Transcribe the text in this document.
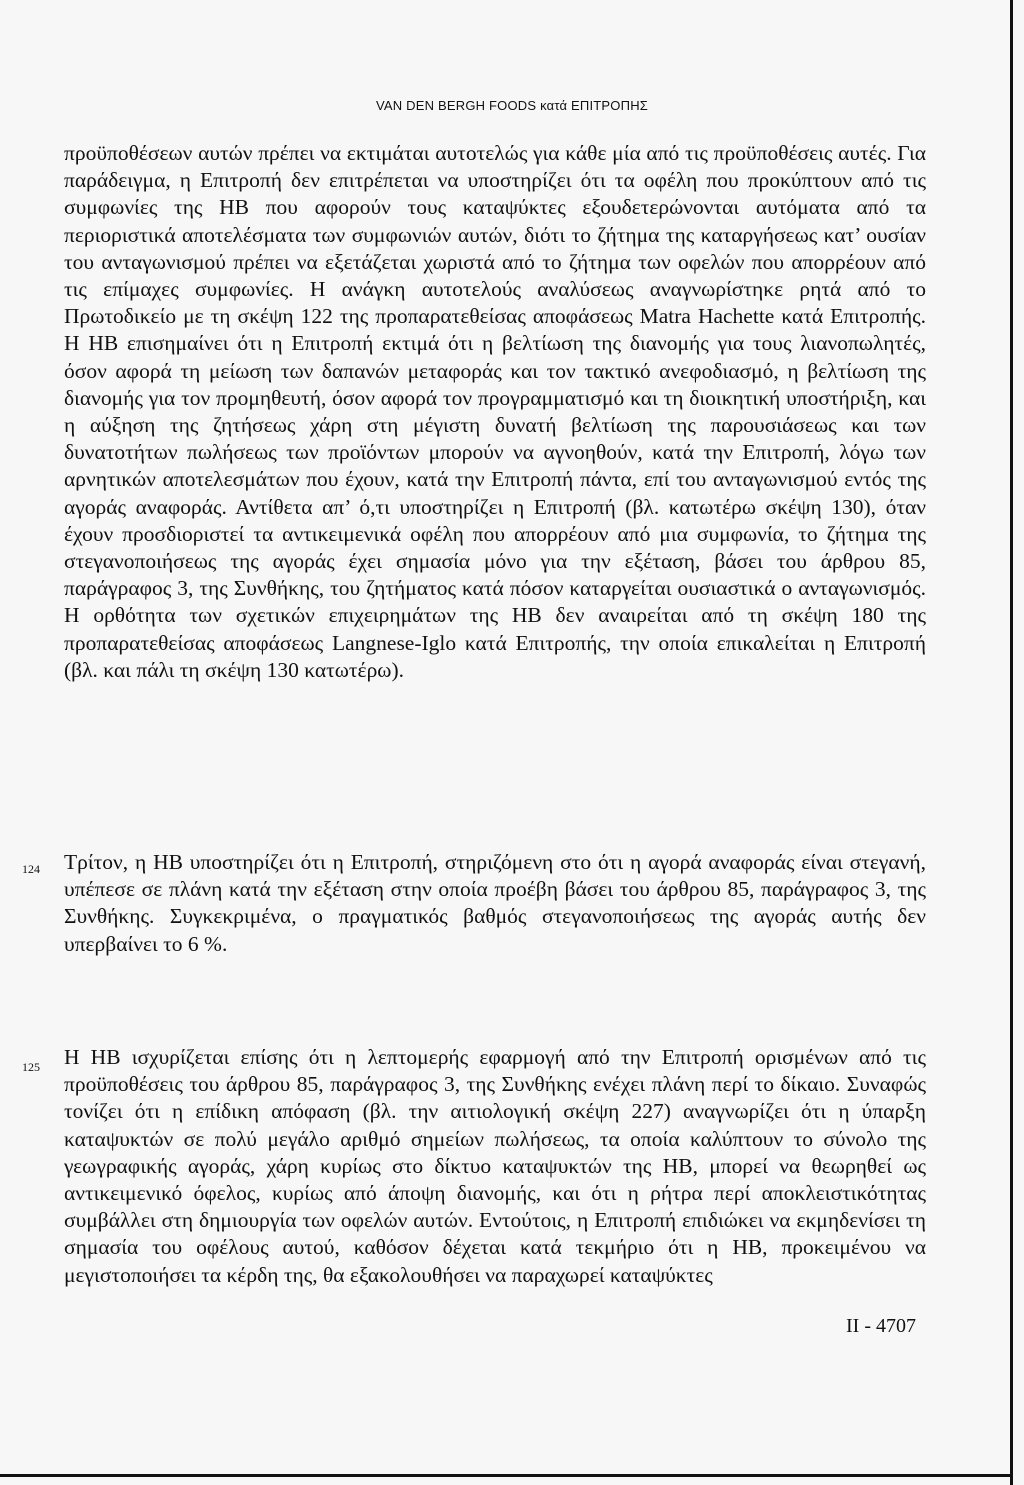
VAN DEN BERGH FOODS κατά ΕΠΙΤΡΟΠΗΣ
προϋποθέσεων αυτών πρέπει να εκτιμάται αυτοτελώς για κάθε μία από τις προϋποθέσεις αυτές. Για παράδειγμα, η Επιτροπή δεν επιτρέπεται να υποστηρίζει ότι τα οφέλη που προκύπτουν από τις συμφωνίες της ΗΒ που αφορούν τους καταψύκτες εξουδετερώνονται αυτόματα από τα περιοριστικά αποτελέσματα των συμφωνιών αυτών, διότι το ζήτημα της καταργήσεως κατ’ ουσίαν του ανταγωνισμού πρέπει να εξετάζεται χωριστά από το ζήτημα των οφελών που απορρέουν από τις επίμαχες συμφωνίες. Η ανάγκη αυτοτελούς αναλύσεως αναγνωρίστηκε ρητά από το Πρωτοδικείο με τη σκέψη 122 της προπαρατεθείσας αποφάσεως Matra Hachette κατά Επιτροπής. Η ΗΒ επισημαίνει ότι η Επιτροπή εκτιμά ότι η βελτίωση της διανομής για τους λιανοπωλητές, όσον αφορά τη μείωση των δαπανών μεταφοράς και τον τακτικό ανεφοδιασμό, η βελτίωση της διανομής για τον προμηθευτή, όσον αφορά τον προγραμματισμό και τη διοικητική υποστήριξη, και η αύξηση της ζητήσεως χάρη στη μέγιστη δυνατή βελτίωση της παρουσιάσεως και των δυνατοτήτων πωλήσεως των προϊόντων μπορούν να αγνοηθούν, κατά την Επιτροπή, λόγω των αρνητικών αποτελεσμάτων που έχουν, κατά την Επιτροπή πάντα, επί του ανταγωνισμού εντός της αγοράς αναφοράς. Αντίθετα απ’ ό,τι υποστηρίζει η Επιτροπή (βλ. κατωτέρω σκέψη 130), όταν έχουν προσδιοριστεί τα αντικειμενικά οφέλη που απορρέουν από μια συμφωνία, το ζήτημα της στεγανοποιήσεως της αγοράς έχει σημασία μόνο για την εξέταση, βάσει του άρθρου 85, παράγραφος 3, της Συνθήκης, του ζητήματος κατά πόσον καταργείται ουσιαστικά ο ανταγωνισμός. Η ορθότητα των σχετικών επιχειρημάτων της ΗΒ δεν αναιρείται από τη σκέψη 180 της προπαρατεθείσας αποφάσεως Langnese-Iglo κατά Επιτροπής, την οποία επικαλείται η Επιτροπή (βλ. και πάλι τη σκέψη 130 κατωτέρω).
124 Τρίτον, η ΗΒ υποστηρίζει ότι η Επιτροπή, στηριζόμενη στο ότι η αγορά αναφοράς είναι στεγανή, υπέπεσε σε πλάνη κατά την εξέταση στην οποία προέβη βάσει του άρθρου 85, παράγραφος 3, της Συνθήκης. Συγκεκριμένα, ο πραγματικός βαθμός στεγανοποιήσεως της αγοράς αυτής δεν υπερβαίνει το 6 %.
125 Η ΗΒ ισχυρίζεται επίσης ότι η λεπτομερής εφαρμογή από την Επιτροπή ορισμένων από τις προϋποθέσεις του άρθρου 85, παράγραφος 3, της Συνθήκης ενέχει πλάνη περί το δίκαιο. Συναφώς τονίζει ότι η επίδικη απόφαση (βλ. την αιτιολογική σκέψη 227) αναγνωρίζει ότι η ύπαρξη καταψυκτών σε πολύ μεγάλο αριθμό σημείων πωλήσεως, τα οποία καλύπτουν το σύνολο της γεωγραφικής αγοράς, χάρη κυρίως στο δίκτυο καταψυκτών της ΗΒ, μπορεί να θεωρηθεί ως αντικειμενικό όφελος, κυρίως από άποψη διανομής, και ότι η ρήτρα περί αποκλειστικότητας συμβάλλει στη δημιουργία των οφελών αυτών. Εντούτοις, η Επιτροπή επιδιώκει να εκμηδενίσει τη σημασία του οφέλους αυτού, καθόσον δέχεται κατά τεκμήριο ότι η ΗΒ, προκειμένου να μεγιστοποιήσει τα κέρδη της, θα εξακολουθήσει να παραχωρεί καταψύκτες
II - 4707
